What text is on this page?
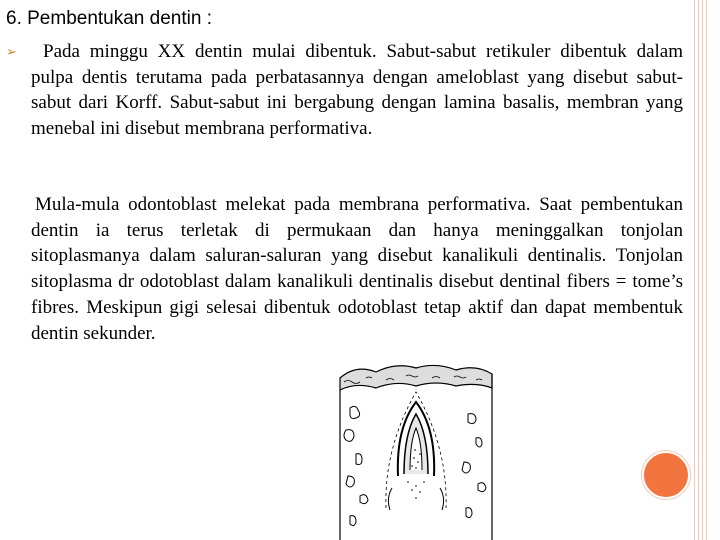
6. Pembentukan dentin :
➢	Pada minggu XX dentin mulai dibentuk. Sabut-sabut retikuler dibentuk dalam pulpa dentis terutama pada perbatasannya dengan ameloblast yang disebut sabut-sabut dari Korff. Sabut-sabut ini bergabung dengan lamina basalis, membran yang menebal ini disebut membrana performativa.
Mula-mula odontoblast melekat pada membrana performativa. Saat pembentukan dentin ia terus terletak di permukaan dan hanya meninggalkan tonjolan sitoplasmanya dalam saluran-saluran yang disebut kanalikuli dentinalis. Tonjolan sitoplasma dr odotoblast dalam kanalikuli dentinalis disebut dentinal fibers = tome’s fibres. Meskipun gigi selesai dibentuk odotoblast tetap aktif dan dapat membentuk dentin sekunder.
